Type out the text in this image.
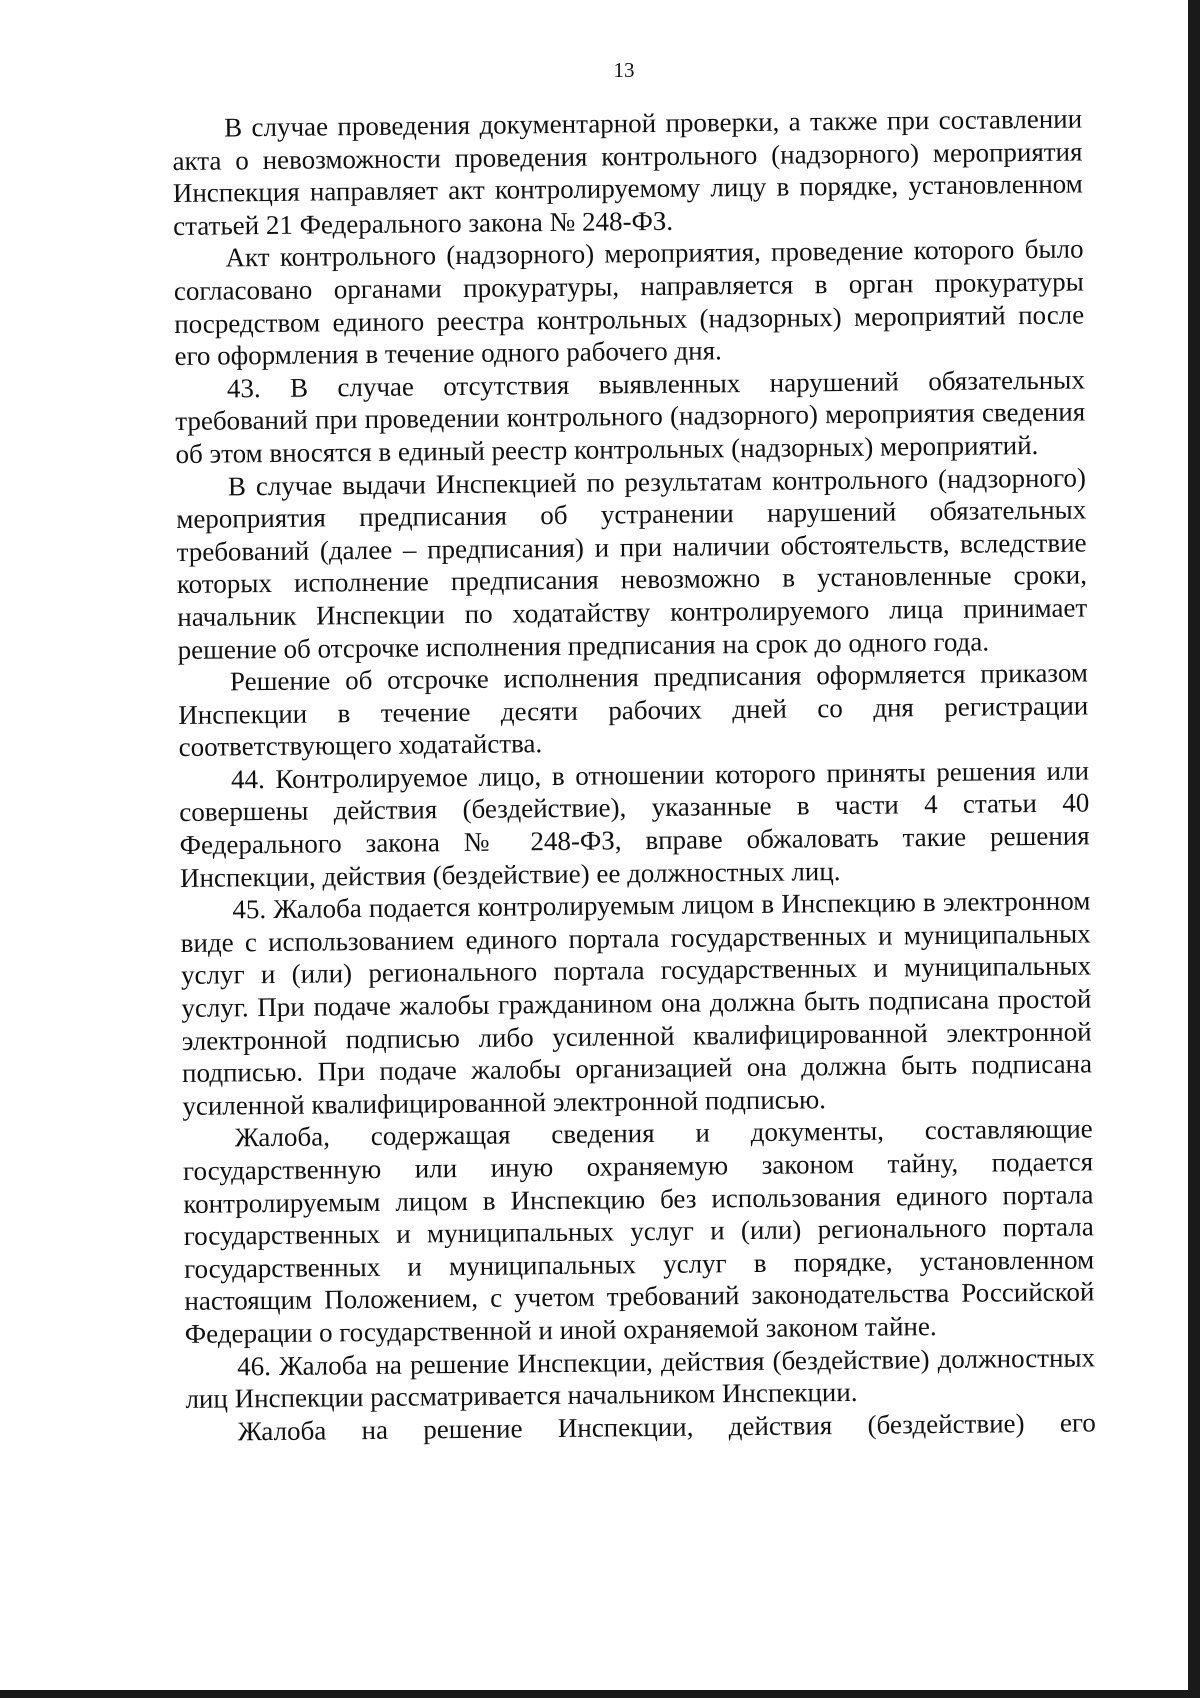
13

В случае проведения документарной проверки, а также при составлении акта о невозможности проведения контрольного (надзорного) мероприятия Инспекция направляет акт контролируемому лицу в порядке, установленном статьей 21 Федерального закона № 248-ФЗ.

Акт контрольного (надзорного) мероприятия, проведение которого было согласовано органами прокуратуры, направляется в орган прокуратуры посредством единого реестра контрольных (надзорных) мероприятий после его оформления в течение одного рабочего дня.

43. В случае отсутствия выявленных нарушений обязательных требований при проведении контрольного (надзорного) мероприятия сведения об этом вносятся в единый реестр контрольных (надзорных) мероприятий.

В случае выдачи Инспекцией по результатам контрольного (надзорного) мероприятия предписания об устранении нарушений обязательных требований (далее – предписания) и при наличии обстоятельств, вследствие которых исполнение предписания невозможно в установленные сроки, начальник Инспекции по ходатайству контролируемого лица принимает решение об отсрочке исполнения предписания на срок до одного года.

Решение об отсрочке исполнения предписания оформляется приказом Инспекции в течение десяти рабочих дней со дня регистрации соответствующего ходатайства.

44. Контролируемое лицо, в отношении которого приняты решения или совершены действия (бездействие), указанные в части 4 статьи 40 Федерального закона № 248-ФЗ, вправе обжаловать такие решения Инспекции, действия (бездействие) ее должностных лиц.

45. Жалоба подается контролируемым лицом в Инспекцию в электронном виде с использованием единого портала государственных и муниципальных услуг и (или) регионального портала государственных и муниципальных услуг. При подаче жалобы гражданином она должна быть подписана простой электронной подписью либо усиленной квалифицированной электронной подписью. При подаче жалобы организацией она должна быть подписана усиленной квалифицированной электронной подписью.

Жалоба, содержащая сведения и документы, составляющие государственную или иную охраняемую законом тайну, подается контролируемым лицом в Инспекцию без использования единого портала государственных и муниципальных услуг и (или) регионального портала государственных и муниципальных услуг в порядке, установленном настоящим Положением, с учетом требований законодательства Российской Федерации о государственной и иной охраняемой законом тайне.

46. Жалоба на решение Инспекции, действия (бездействие) должностных лиц Инспекции рассматривается начальником Инспекции.

Жалоба на решение Инспекции, действия (бездействие) его
